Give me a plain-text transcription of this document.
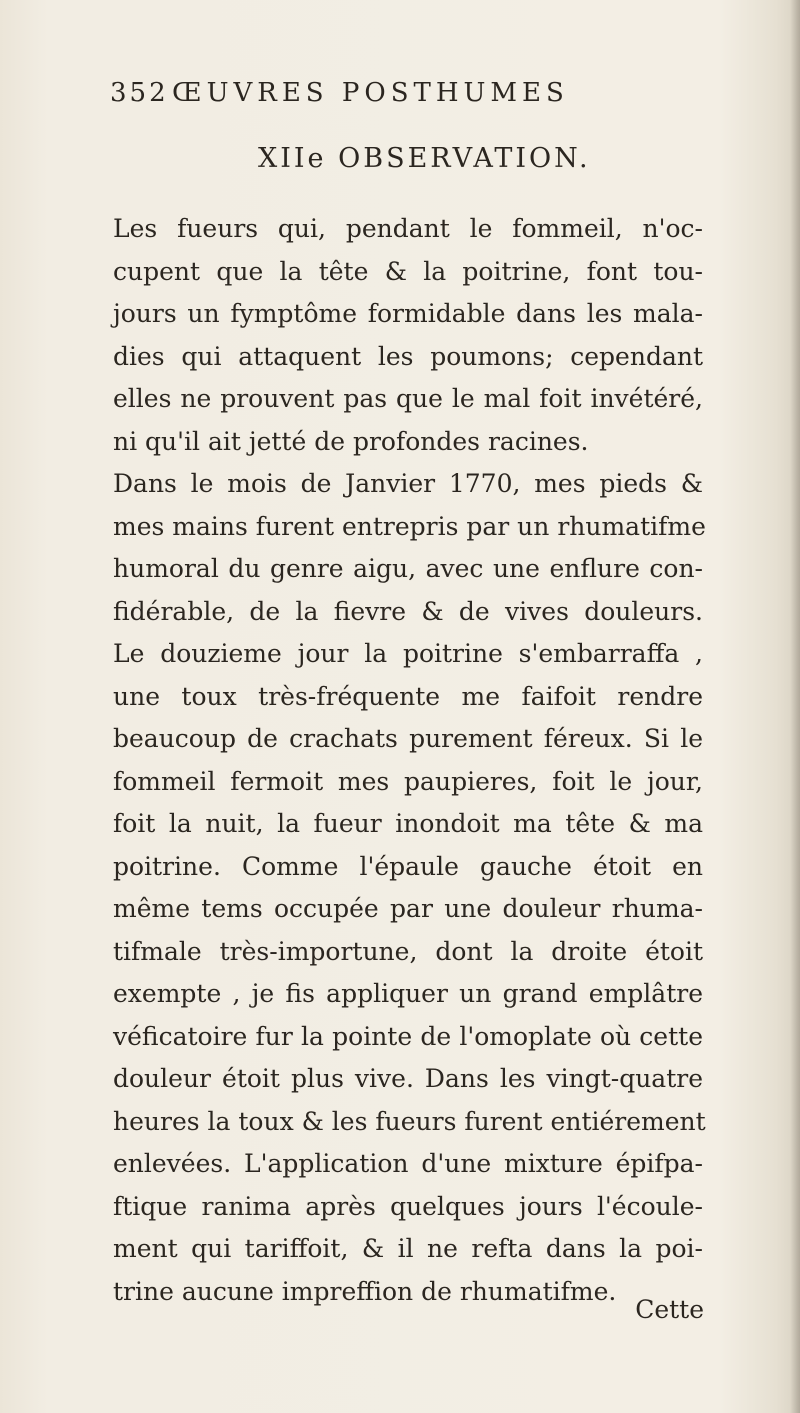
352 ŒUVRES POSTHUMES
XIIe OBSERVATION.
Les fueurs qui, pendant le fommeil, n'oc-
cupent que la tête & la poitrine, font tou-
jours un fymptôme formidable dans les mala-
dies qui attaquent les poumons; cependant
elles ne prouvent pas que le mal foit invétéré,
ni qu'il ait jetté de profondes racines.
Dans le mois de Janvier 1770, mes pieds &
mes mains furent entrepris par un rhumatifme
humoral du genre aigu, avec une enflure con-
fidérable, de la fievre & de vives douleurs.
Le douzieme jour la poitrine s'embarraffa ,
une toux très-fréquente me faifoit rendre
beaucoup de crachats purement féreux. Si le
fommeil fermoit mes paupieres, foit le jour,
foit la nuit, la fueur inondoit ma tête & ma
poitrine. Comme l'épaule gauche étoit en
même tems occupée par une douleur rhuma-
tifmale très-importune, dont la droite étoit
exempte , je fis appliquer un grand emplâtre
véficatoire fur la pointe de l'omoplate où cette
douleur étoit plus vive. Dans les vingt-quatre
heures la toux & les fueurs furent entiérement
enlevées. L'application d'une mixture épifpa-
ftique ranima après quelques jours l'écoule-
ment qui tariffoit, & il ne refta dans la poi-
trine aucune impreffion de rhumatifme.
Cette
